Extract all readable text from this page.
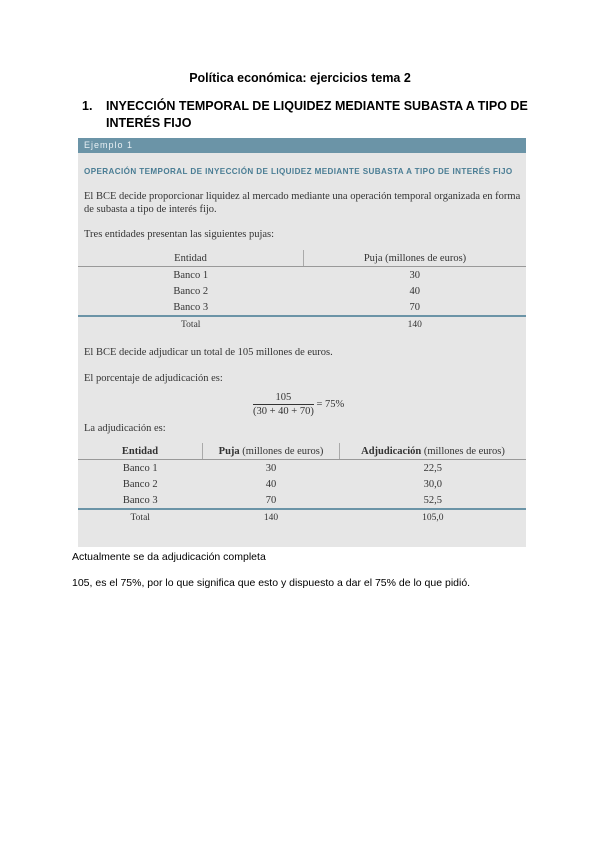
Política económica: ejercicios tema 2
1. INYECCIÓN TEMPORAL DE LIQUIDEZ MEDIANTE SUBASTA A TIPO DE INTERÉS FIJO
Ejemplo 1
OPERACIÓN TEMPORAL DE INYECCIÓN DE LIQUIDEZ MEDIANTE SUBASTA A TIPO DE INTERÉS FIJO
El BCE decide proporcionar liquidez al mercado mediante una operación temporal organizada en forma de subasta a tipo de interés fijo.
Tres entidades presentan las siguientes pujas:
Entidad	Puja (millones de euros)
Banco 1	30
Banco 2	40
Banco 3	70
Total	140
El BCE decide adjudicar un total de 105 millones de euros.
El porcentaje de adjudicación es:
$\frac{105}{(30 + 40 + 70)} = 75\%$
La adjudicación es:
Entidad	Puja (millones de euros)	Adjudicación (millones de euros)
Banco 1	30	22,5
Banco 2	40	30,0
Banco 3	70	52,5
Total	140	105,0
Actualmente se da adjudicación completa
105, es el 75%, por lo que significa que esto y dispuesto a dar el 75% de lo que pidió.
